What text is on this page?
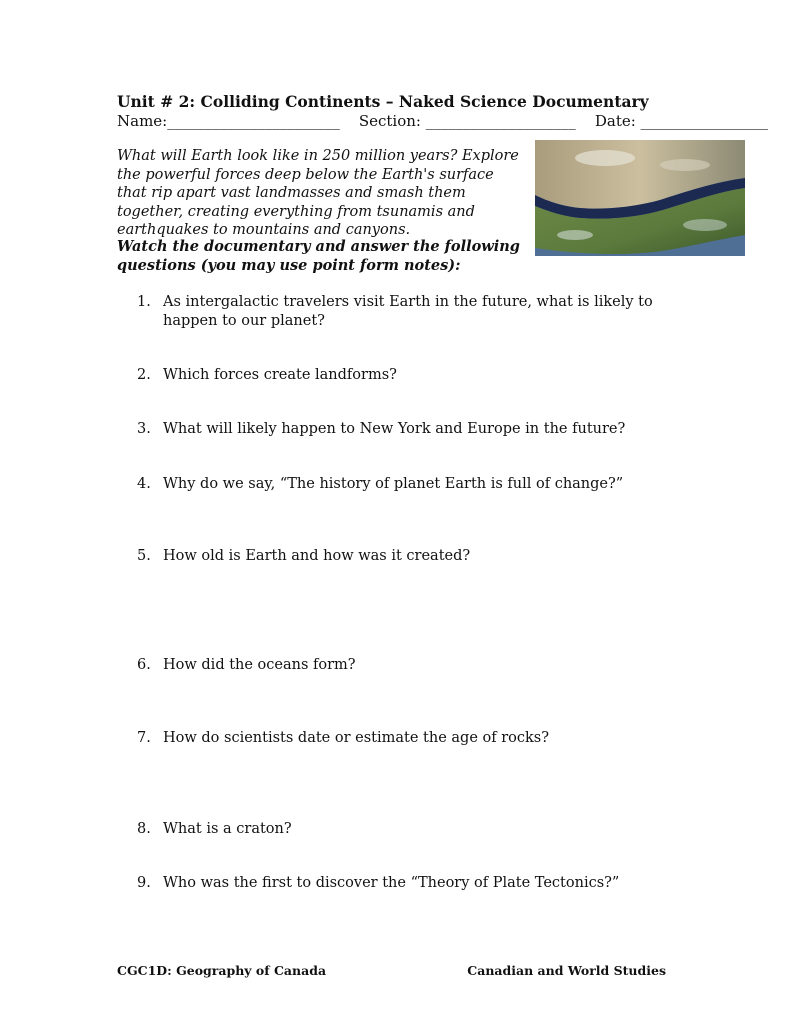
Unit # 2: Colliding Continents – Naked Science Documentary
Name:_______________________ Section: ____________________ Date: _________________
What will Earth look like in 250 million years? Explore the powerful forces deep below the Earth's surface that rip apart vast landmasses and smash them together, creating everything from tsunamis and earthquakes to mountains and canyons.
Watch the documentary and answer the following questions (you may use point form notes):
1. As intergalactic travelers visit Earth in the future, what is likely to happen to our planet?
2. Which forces create landforms?
3. What will likely happen to New York and Europe in the future?
4. Why do we say, “The history of planet Earth is full of change?”
5. How old is Earth and how was it created?
6. How did the oceans form?
7. How do scientists date or estimate the age of rocks?
8. What is a craton?
9. Who was the first to discover the “Theory of Plate Tectonics?”
CGC1D: Geography of Canada	Canadian and World Studies
